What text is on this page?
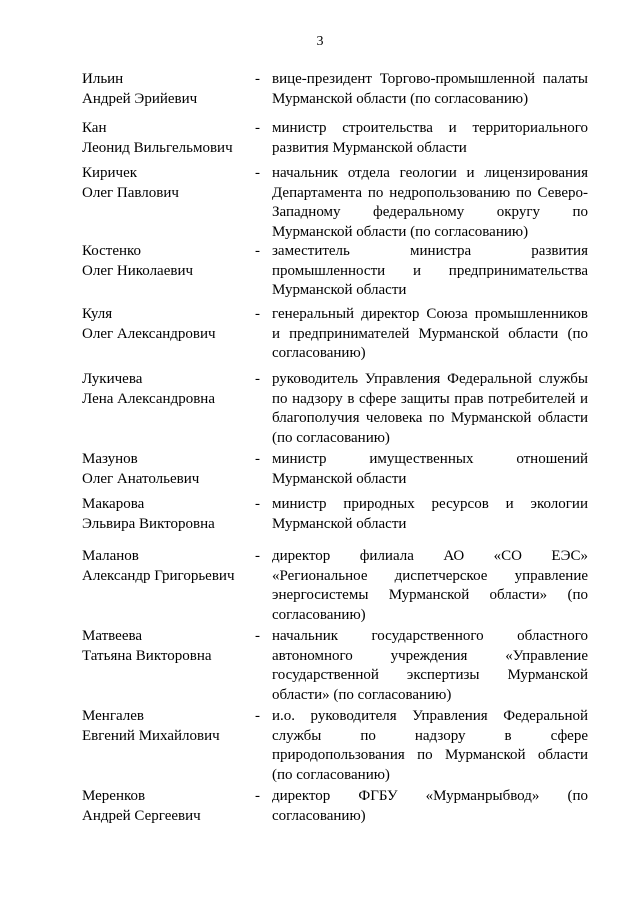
3
Ильин
Андрей Эрийевич
- вице-президент Торгово-промышленной палаты
Мурманской области (по согласованию)
Кан
Леонид Вильгельмович
- министр строительства и территориального
развития Мурманской области
Киричек
Олег Павлович
- начальник отдела геологии и лицензирования
Департамента по недропользованию по Северо-
Западному федеральному округу по
Мурманской области (по согласованию)
Костенко
Олег Николаевич
- заместитель министра развития
промышленности и предпринимательства
Мурманской области
Куля
Олег Александрович
- генеральный директор Союза промышленников
и предпринимателей Мурманской области (по
согласованию)
Лукичева
Лена Александровна
- руководитель Управления Федеральной службы
по надзору в сфере защиты прав потребителей и
благополучия человека по Мурманской области
(по согласованию)
Мазунов
Олег Анатольевич
- министр имущественных отношений
Мурманской области
Макарова
Эльвира Викторовна
- министр природных ресурсов и экологии
Мурманской области
Маланов
Александр Григорьевич
- директор филиала АО «СО ЕЭС»
«Региональное диспетчерское управление
энергосистемы Мурманской области» (по
согласованию)
Матвеева
Татьяна Викторовна
- начальник государственного областного
автономного учреждения «Управление
государственной экспертизы Мурманской
области» (по согласованию)
Менгалев
Евгений Михайлович
- и.о. руководителя Управления Федеральной
службы по надзору в сфере
природопользования по Мурманской области
(по согласованию)
Меренков
Андрей Сергеевич
- директор ФГБУ «Мурманрыбвод» (по
согласованию)
